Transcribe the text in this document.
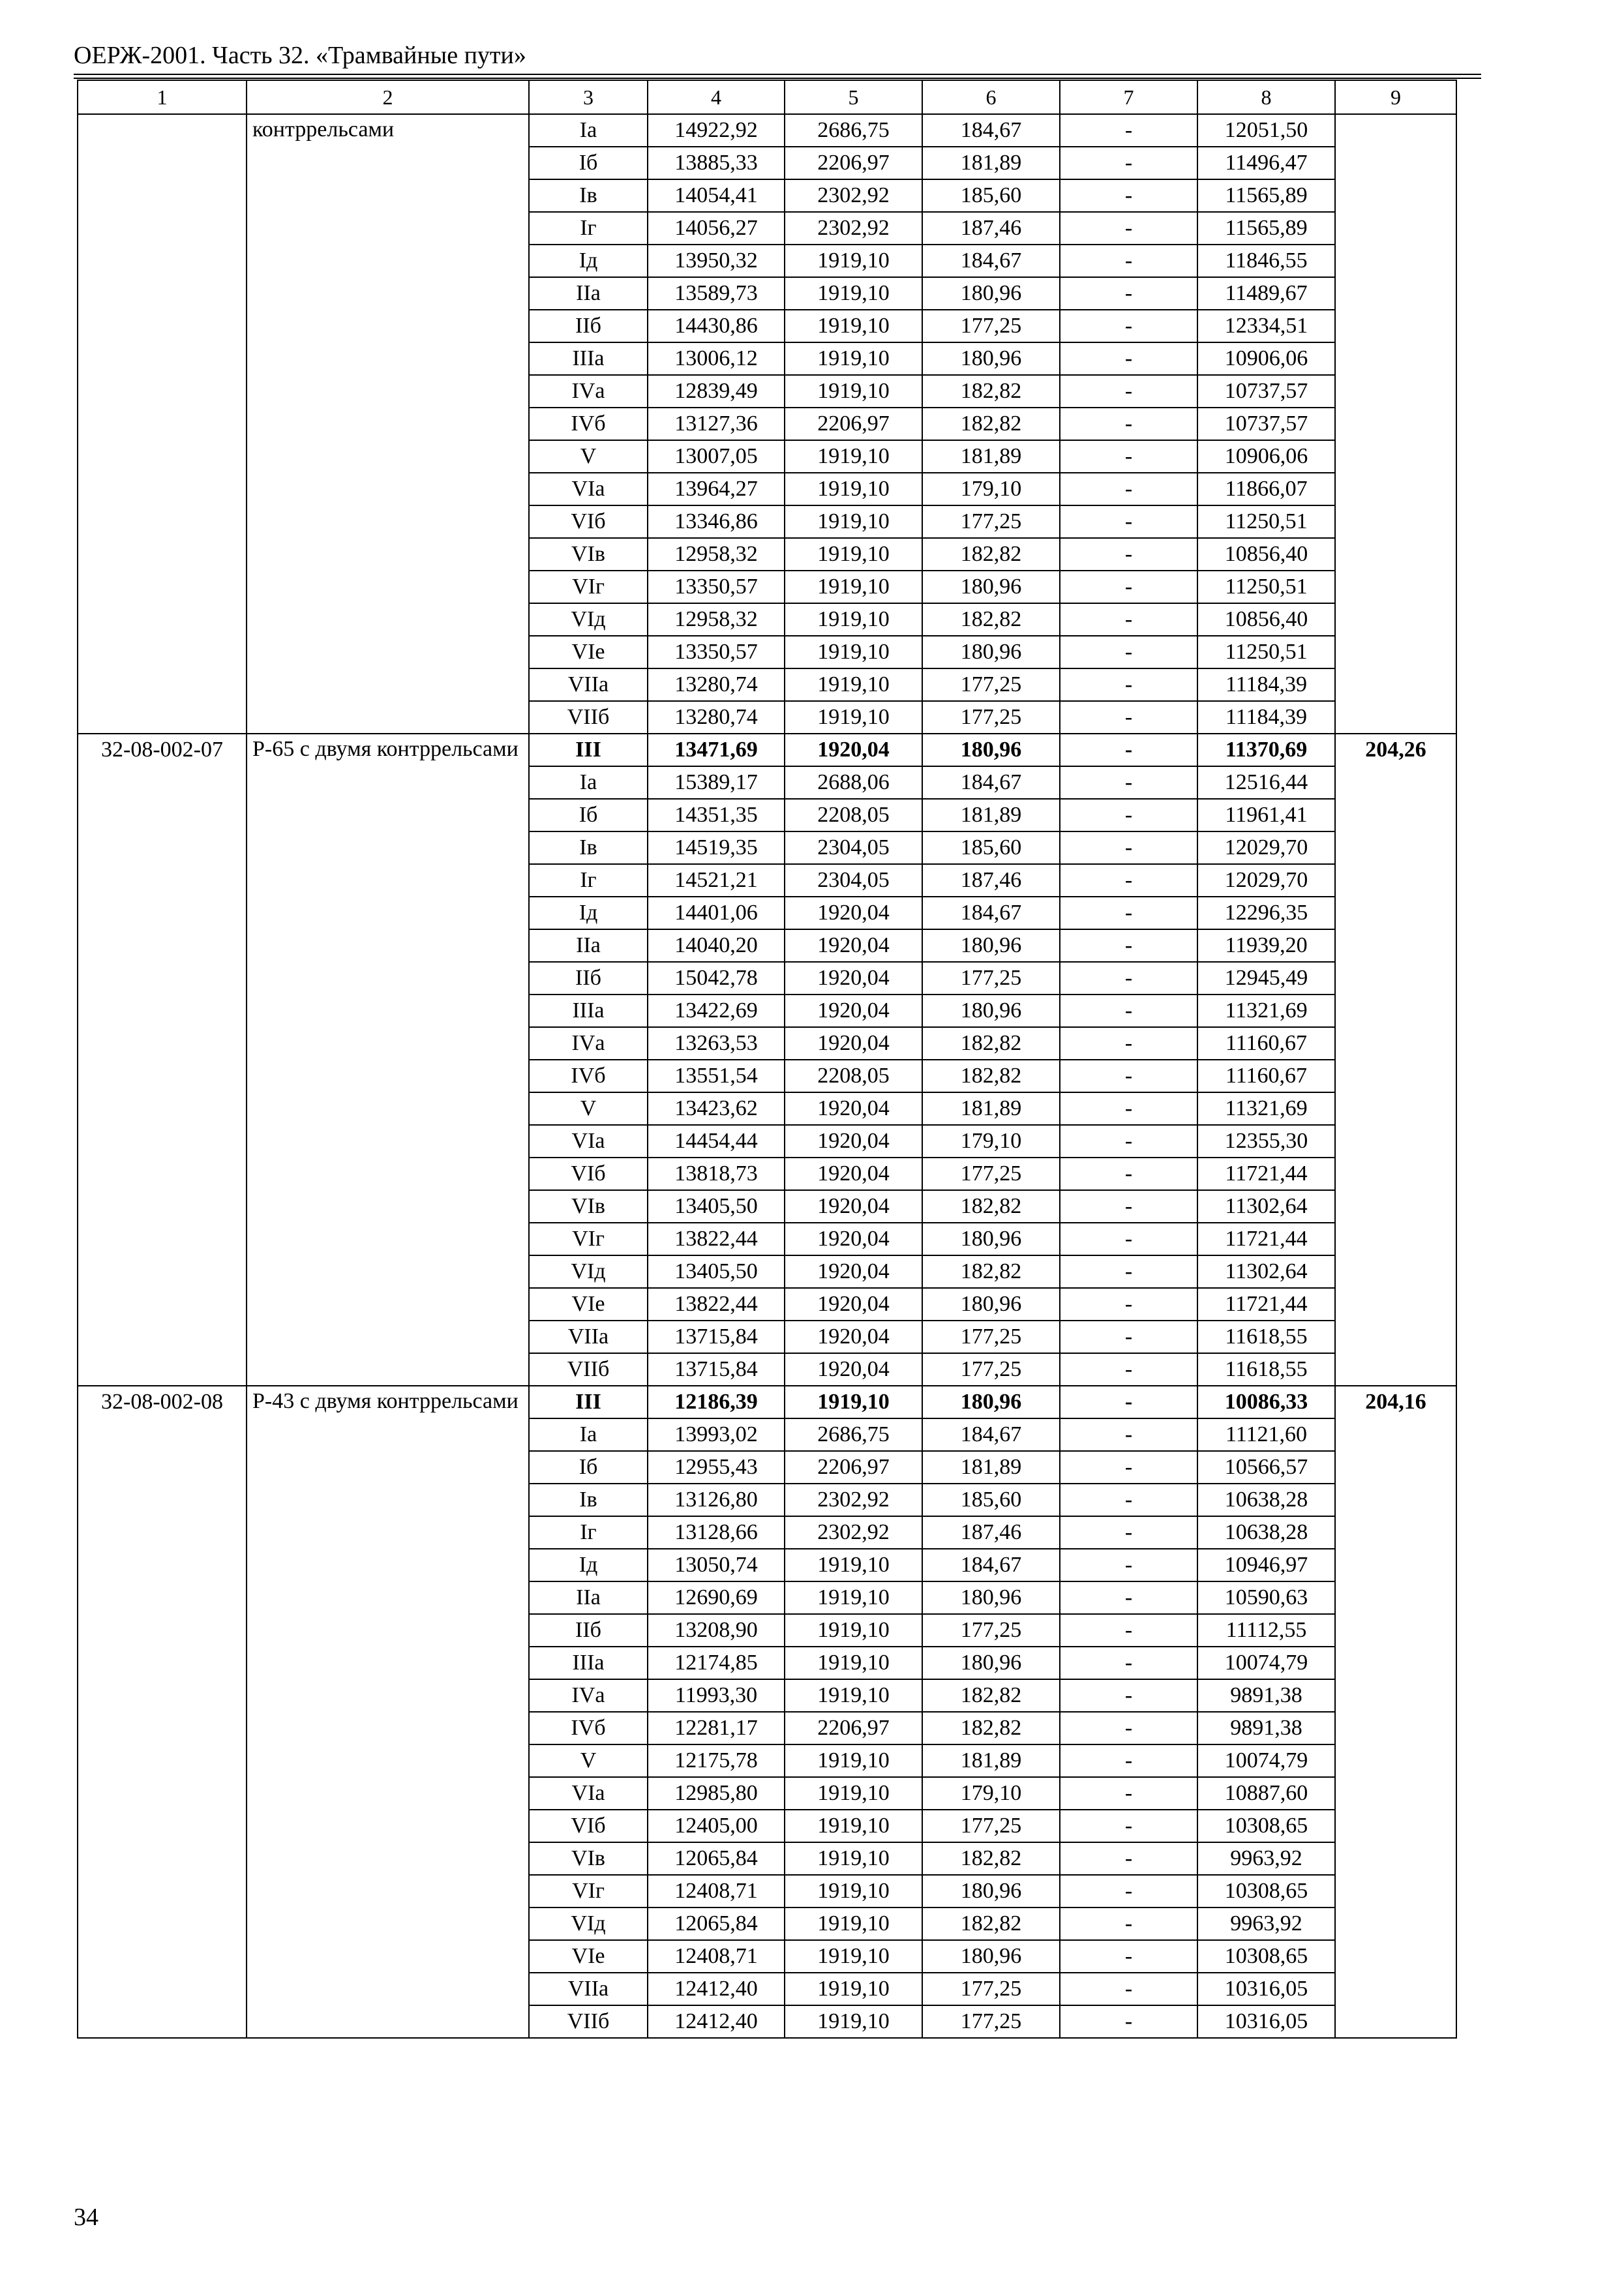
ОЕРЖ-2001. Часть 32. «Трамвайные пути»
1	2	3	4	5	6	7	8	9
	контррельсами	Iа	14922,92	2686,75	184,67	-	12051,50	
		Iб	13885,33	2206,97	181,89	-	11496,47	
		Iв	14054,41	2302,92	185,60	-	11565,89	
		Iг	14056,27	2302,92	187,46	-	11565,89	
		Iд	13950,32	1919,10	184,67	-	11846,55	
		IIа	13589,73	1919,10	180,96	-	11489,67	
		IIб	14430,86	1919,10	177,25	-	12334,51	
		IIIа	13006,12	1919,10	180,96	-	10906,06	
		IVа	12839,49	1919,10	182,82	-	10737,57	
		IVб	13127,36	2206,97	182,82	-	10737,57	
		V	13007,05	1919,10	181,89	-	10906,06	
		VIа	13964,27	1919,10	179,10	-	11866,07	
		VIб	13346,86	1919,10	177,25	-	11250,51	
		VIв	12958,32	1919,10	182,82	-	10856,40	
		VIг	13350,57	1919,10	180,96	-	11250,51	
		VIд	12958,32	1919,10	182,82	-	10856,40	
		VIе	13350,57	1919,10	180,96	-	11250,51	
		VIIа	13280,74	1919,10	177,25	-	11184,39	
		VIIб	13280,74	1919,10	177,25	-	11184,39	
32-08-002-07	Р-65 с двумя контррельсами	III	13471,69	1920,04	180,96	-	11370,69	204,26
		Iа	15389,17	2688,06	184,67	-	12516,44	
		Iб	14351,35	2208,05	181,89	-	11961,41	
		Iв	14519,35	2304,05	185,60	-	12029,70	
		Iг	14521,21	2304,05	187,46	-	12029,70	
		Iд	14401,06	1920,04	184,67	-	12296,35	
		IIа	14040,20	1920,04	180,96	-	11939,20	
		IIб	15042,78	1920,04	177,25	-	12945,49	
		IIIа	13422,69	1920,04	180,96	-	11321,69	
		IVа	13263,53	1920,04	182,82	-	11160,67	
		IVб	13551,54	2208,05	182,82	-	11160,67	
		V	13423,62	1920,04	181,89	-	11321,69	
		VIа	14454,44	1920,04	179,10	-	12355,30	
		VIб	13818,73	1920,04	177,25	-	11721,44	
		VIв	13405,50	1920,04	182,82	-	11302,64	
		VIг	13822,44	1920,04	180,96	-	11721,44	
		VIд	13405,50	1920,04	182,82	-	11302,64	
		VIе	13822,44	1920,04	180,96	-	11721,44	
		VIIа	13715,84	1920,04	177,25	-	11618,55	
		VIIб	13715,84	1920,04	177,25	-	11618,55	
32-08-002-08	Р-43 с двумя контррельсами	III	12186,39	1919,10	180,96	-	10086,33	204,16
		Iа	13993,02	2686,75	184,67	-	11121,60	
		Iб	12955,43	2206,97	181,89	-	10566,57	
		Iв	13126,80	2302,92	185,60	-	10638,28	
		Iг	13128,66	2302,92	187,46	-	10638,28	
		Iд	13050,74	1919,10	184,67	-	10946,97	
		IIа	12690,69	1919,10	180,96	-	10590,63	
		IIб	13208,90	1919,10	177,25	-	11112,55	
		IIIа	12174,85	1919,10	180,96	-	10074,79	
		IVа	11993,30	1919,10	182,82	-	9891,38	
		IVб	12281,17	2206,97	182,82	-	9891,38	
		V	12175,78	1919,10	181,89	-	10074,79	
		VIа	12985,80	1919,10	179,10	-	10887,60	
		VIб	12405,00	1919,10	177,25	-	10308,65	
		VIв	12065,84	1919,10	182,82	-	9963,92	
		VIг	12408,71	1919,10	180,96	-	10308,65	
		VIд	12065,84	1919,10	182,82	-	9963,92	
		VIе	12408,71	1919,10	180,96	-	10308,65	
		VIIа	12412,40	1919,10	177,25	-	10316,05	
		VIIб	12412,40	1919,10	177,25	-	10316,05	
34
